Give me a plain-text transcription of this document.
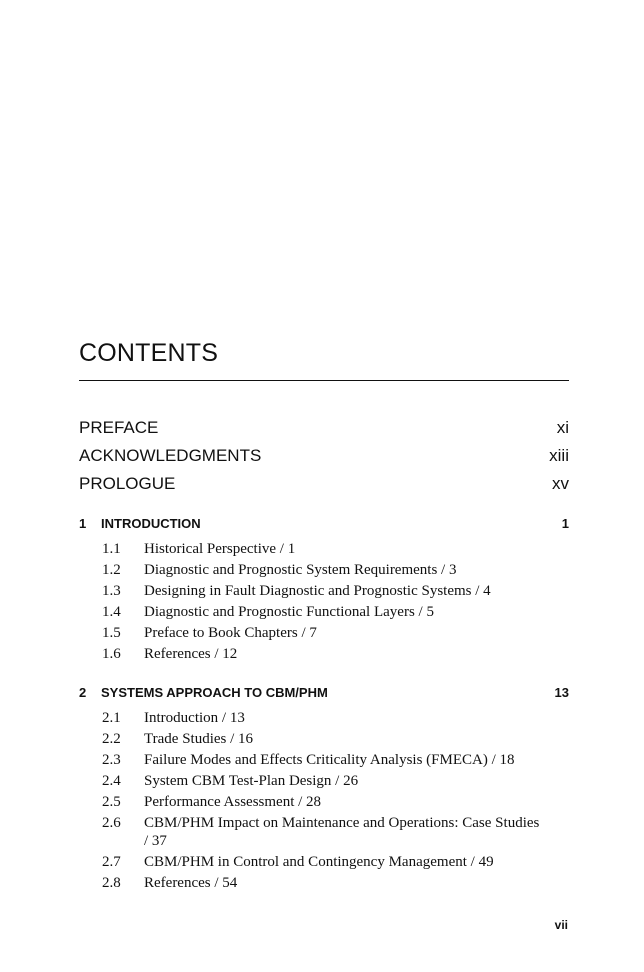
CONTENTS
PREFACE	xi
ACKNOWLEDGMENTS	xiii
PROLOGUE	xv
1 INTRODUCTION	1
1.1	Historical Perspective / 1
1.2	Diagnostic and Prognostic System Requirements / 3
1.3	Designing in Fault Diagnostic and Prognostic Systems / 4
1.4	Diagnostic and Prognostic Functional Layers / 5
1.5	Preface to Book Chapters / 7
1.6	References / 12
2 SYSTEMS APPROACH TO CBM/PHM	13
2.1	Introduction / 13
2.2	Trade Studies / 16
2.3	Failure Modes and Effects Criticality Analysis (FMECA) / 18
2.4	System CBM Test-Plan Design / 26
2.5	Performance Assessment / 28
2.6	CBM/PHM Impact on Maintenance and Operations: Case Studies / 37
2.7	CBM/PHM in Control and Contingency Management / 49
2.8	References / 54
vii
